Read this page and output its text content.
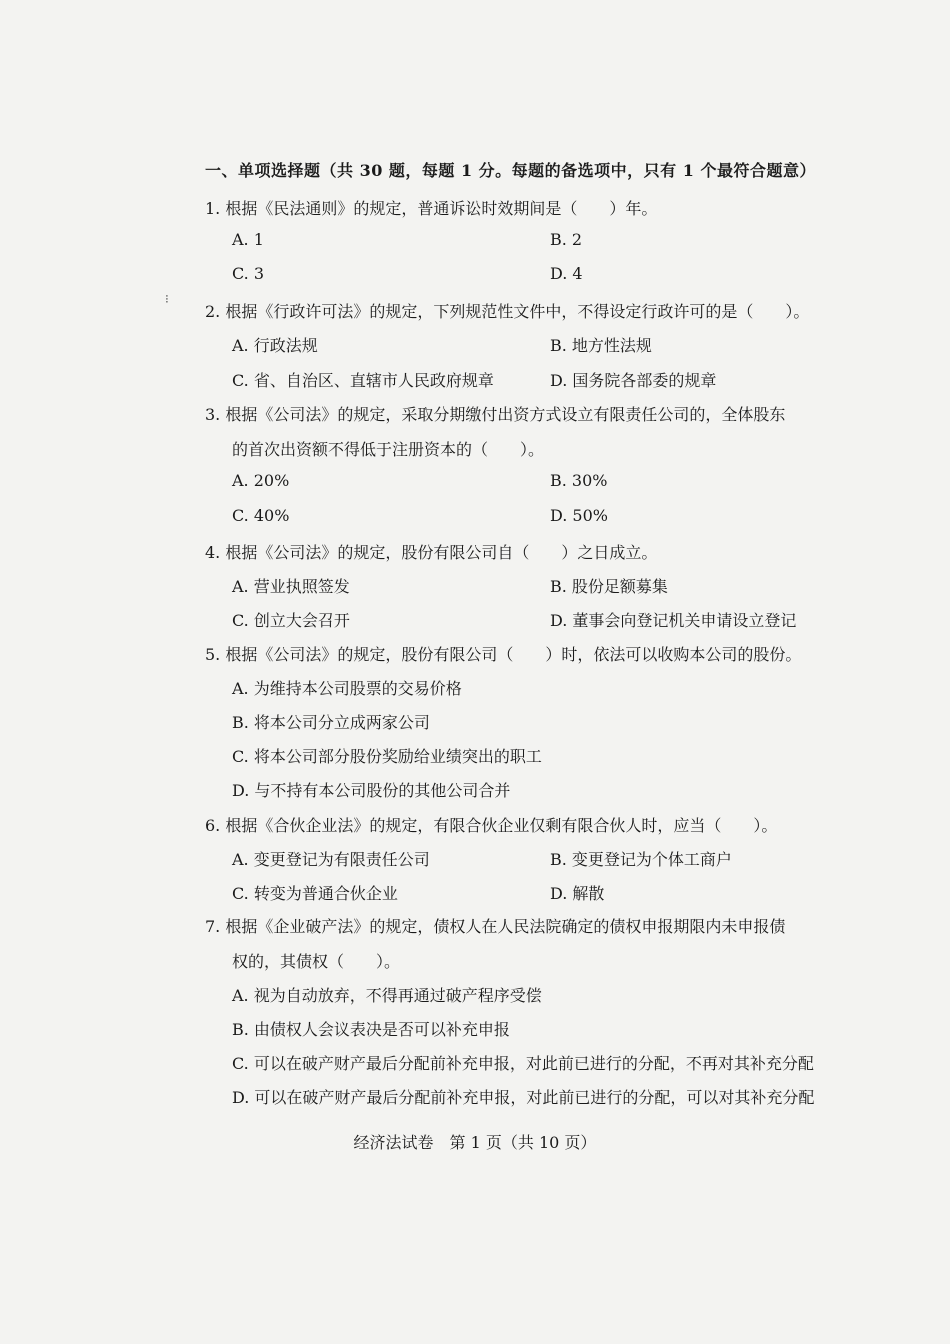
⁝
一、单项选择题（共 30 题，每题 1 分。每题的备选项中，只有 1 个最符合题意）
1. 根据《民法通则》的规定，普通诉讼时效期间是（　　）年。
A. 1	B. 2
C. 3	D. 4
2. 根据《行政许可法》的规定，下列规范性文件中，不得设定行政许可的是（　　）。
A. 行政法规	B. 地方性法规
C. 省、自治区、直辖市人民政府规章	D. 国务院各部委的规章
3. 根据《公司法》的规定，采取分期缴付出资方式设立有限责任公司的，全体股东
的首次出资额不得低于注册资本的（　　）。
A. 20%	B. 30%
C. 40%	D. 50%
4. 根据《公司法》的规定，股份有限公司自（　　）之日成立。
A. 营业执照签发	B. 股份足额募集
C. 创立大会召开	D. 董事会向登记机关申请设立登记
5. 根据《公司法》的规定，股份有限公司（　　）时，依法可以收购本公司的股份。
A. 为维持本公司股票的交易价格
B. 将本公司分立成两家公司
C. 将本公司部分股份奖励给业绩突出的职工
D. 与不持有本公司股份的其他公司合并
6. 根据《合伙企业法》的规定，有限合伙企业仅剩有限合伙人时，应当（　　）。
A. 变更登记为有限责任公司	B. 变更登记为个体工商户
C. 转变为普通合伙企业	D. 解散
7. 根据《企业破产法》的规定，债权人在人民法院确定的债权申报期限内未申报债
权的，其债权（　　）。
A. 视为自动放弃，不得再通过破产程序受偿
B. 由债权人会议表决是否可以补充申报
C. 可以在破产财产最后分配前补充申报，对此前已进行的分配，不再对其补充分配
D. 可以在破产财产最后分配前补充申报，对此前已进行的分配，可以对其补充分配
经济法试卷　第 1 页（共 10 页）
